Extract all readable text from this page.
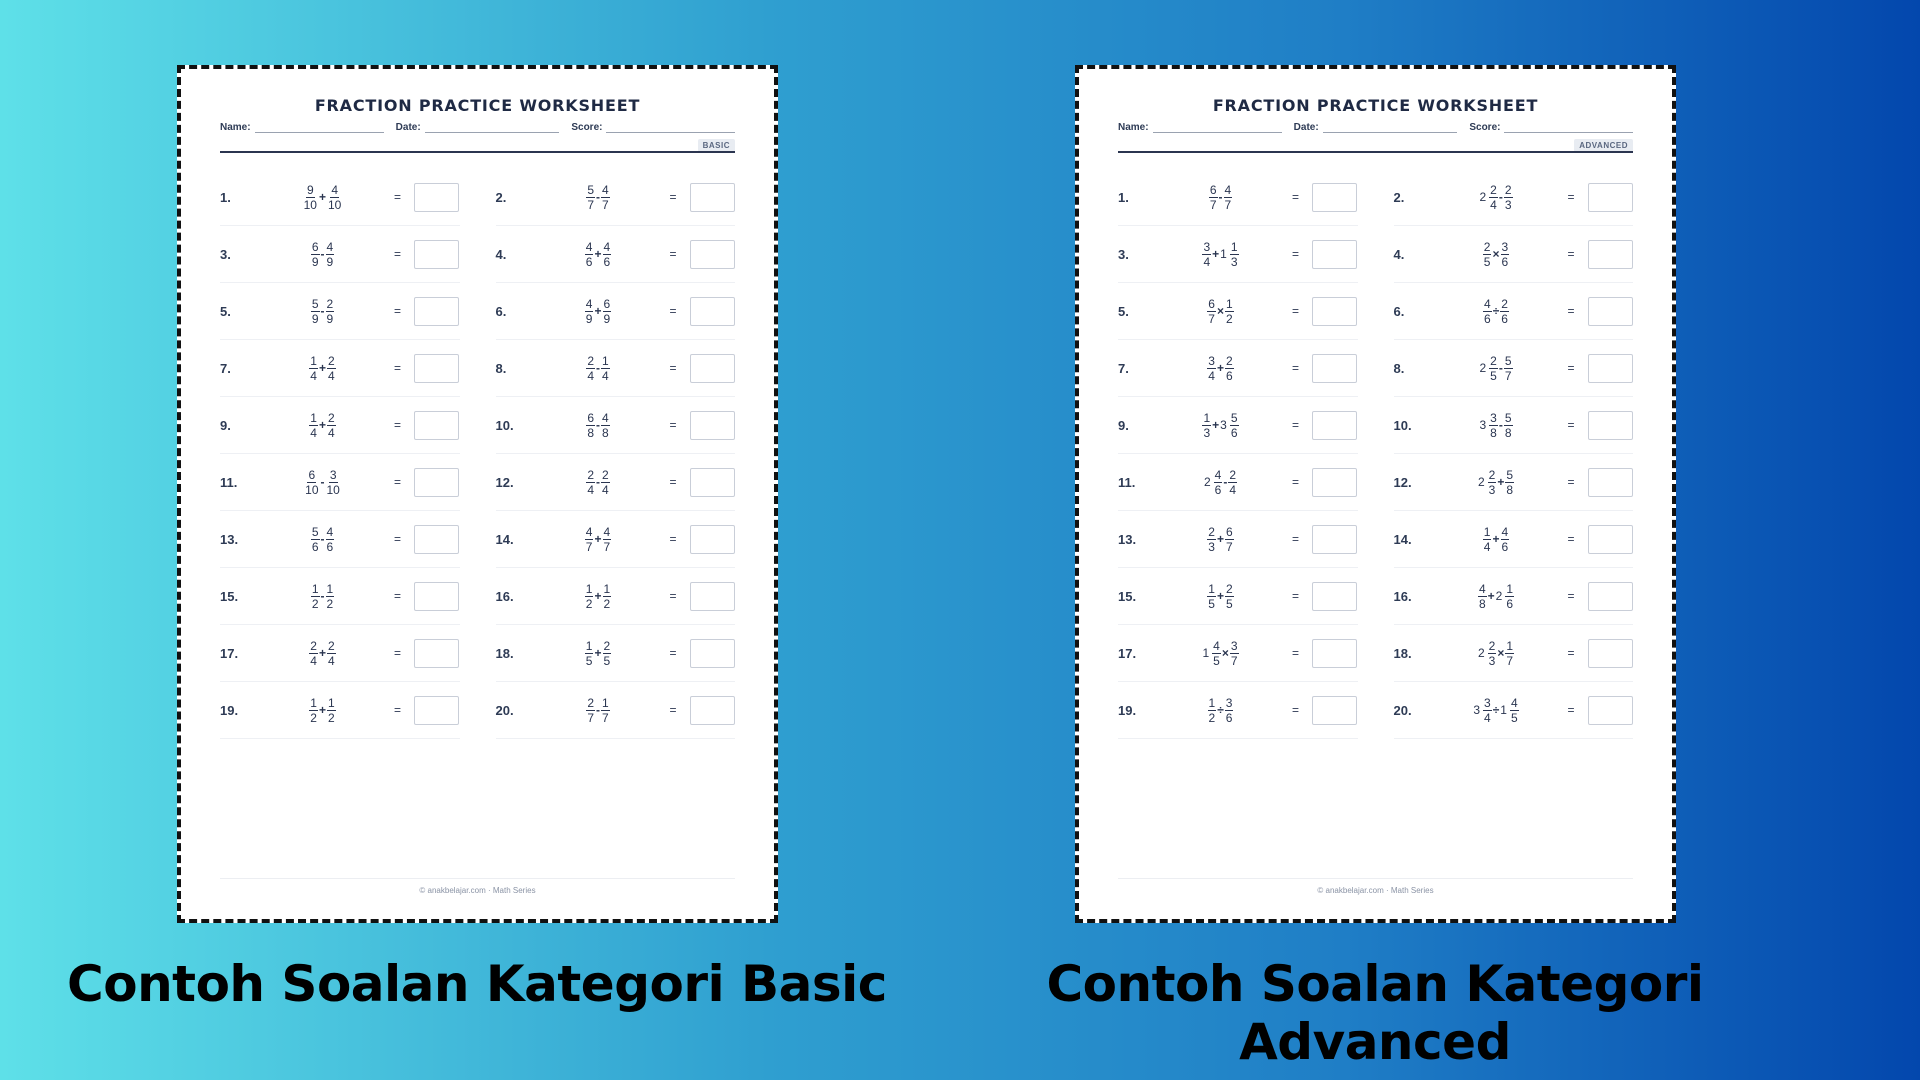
FRACTION PRACTICE WORKSHEET
Name:	Date:	Score:
BASIC
1.	$\frac{9}{10} + \frac{4}{10}$	=	2.	$\frac{5}{7} - \frac{4}{7}$	=
3.	$\frac{6}{9} - \frac{4}{9}$	=	4.	$\frac{4}{6} + \frac{4}{6}$	=
5.	$\frac{5}{9} - \frac{2}{9}$	=	6.	$\frac{4}{9} + \frac{6}{9}$	=
7.	$\frac{1}{4} + \frac{2}{4}$	=	8.	$\frac{2}{4} - \frac{1}{4}$	=
9.	$\frac{1}{4} + \frac{2}{4}$	=	10.	$\frac{6}{8} - \frac{4}{8}$	=
11.	$\frac{6}{10} - \frac{3}{10}$	=	12.	$\frac{2}{4} - \frac{2}{4}$	=
13.	$\frac{5}{6} - \frac{4}{6}$	=	14.	$\frac{4}{7} + \frac{4}{7}$	=
15.	$\frac{1}{2} - \frac{1}{2}$	=	16.	$\frac{1}{2} + \frac{1}{2}$	=
17.	$\frac{2}{4} + \frac{2}{4}$	=	18.	$\frac{1}{5} + \frac{2}{5}$	=
19.	$\frac{1}{2} + \frac{1}{2}$	=	20.	$\frac{2}{7} - \frac{1}{7}$	=
© anakbelajar.com · Math Series
FRACTION PRACTICE WORKSHEET
Name:	Date:	Score:
ADVANCED
1.	$\frac{6}{7} - \frac{4}{7}$	=	2.	$2 \frac{2}{4} - \frac{2}{3}$	=
3.	$\frac{3}{4} + 1 \frac{1}{3}$	=	4.	$\frac{2}{5} \times \frac{3}{6}$	=
5.	$\frac{6}{7} \times \frac{1}{2}$	=	6.	$\frac{4}{6} \div \frac{2}{6}$	=
7.	$\frac{3}{4} + \frac{2}{6}$	=	8.	$2 \frac{2}{5} - \frac{5}{7}$	=
9.	$\frac{1}{3} + 3 \frac{5}{6}$	=	10.	$3 \frac{3}{8} - \frac{5}{8}$	=
11.	$2 \frac{4}{6} - \frac{2}{4}$	=	12.	$2 \frac{2}{3} + \frac{5}{8}$	=
13.	$\frac{2}{3} + \frac{6}{7}$	=	14.	$\frac{1}{4} + \frac{4}{6}$	=
15.	$\frac{1}{5} + \frac{2}{5}$	=	16.	$\frac{4}{8} + 2 \frac{1}{6}$	=
17.	$1 \frac{4}{5} \times \frac{3}{7}$	=	18.	$2 \frac{2}{3} \times \frac{1}{7}$	=
19.	$\frac{1}{2} \div \frac{3}{6}$	=	20.	$3 \frac{3}{4} \div 1 \frac{4}{5}$	=
© anakbelajar.com · Math Series
Contoh Soalan Kategori Basic	Contoh Soalan Kategori Advanced
